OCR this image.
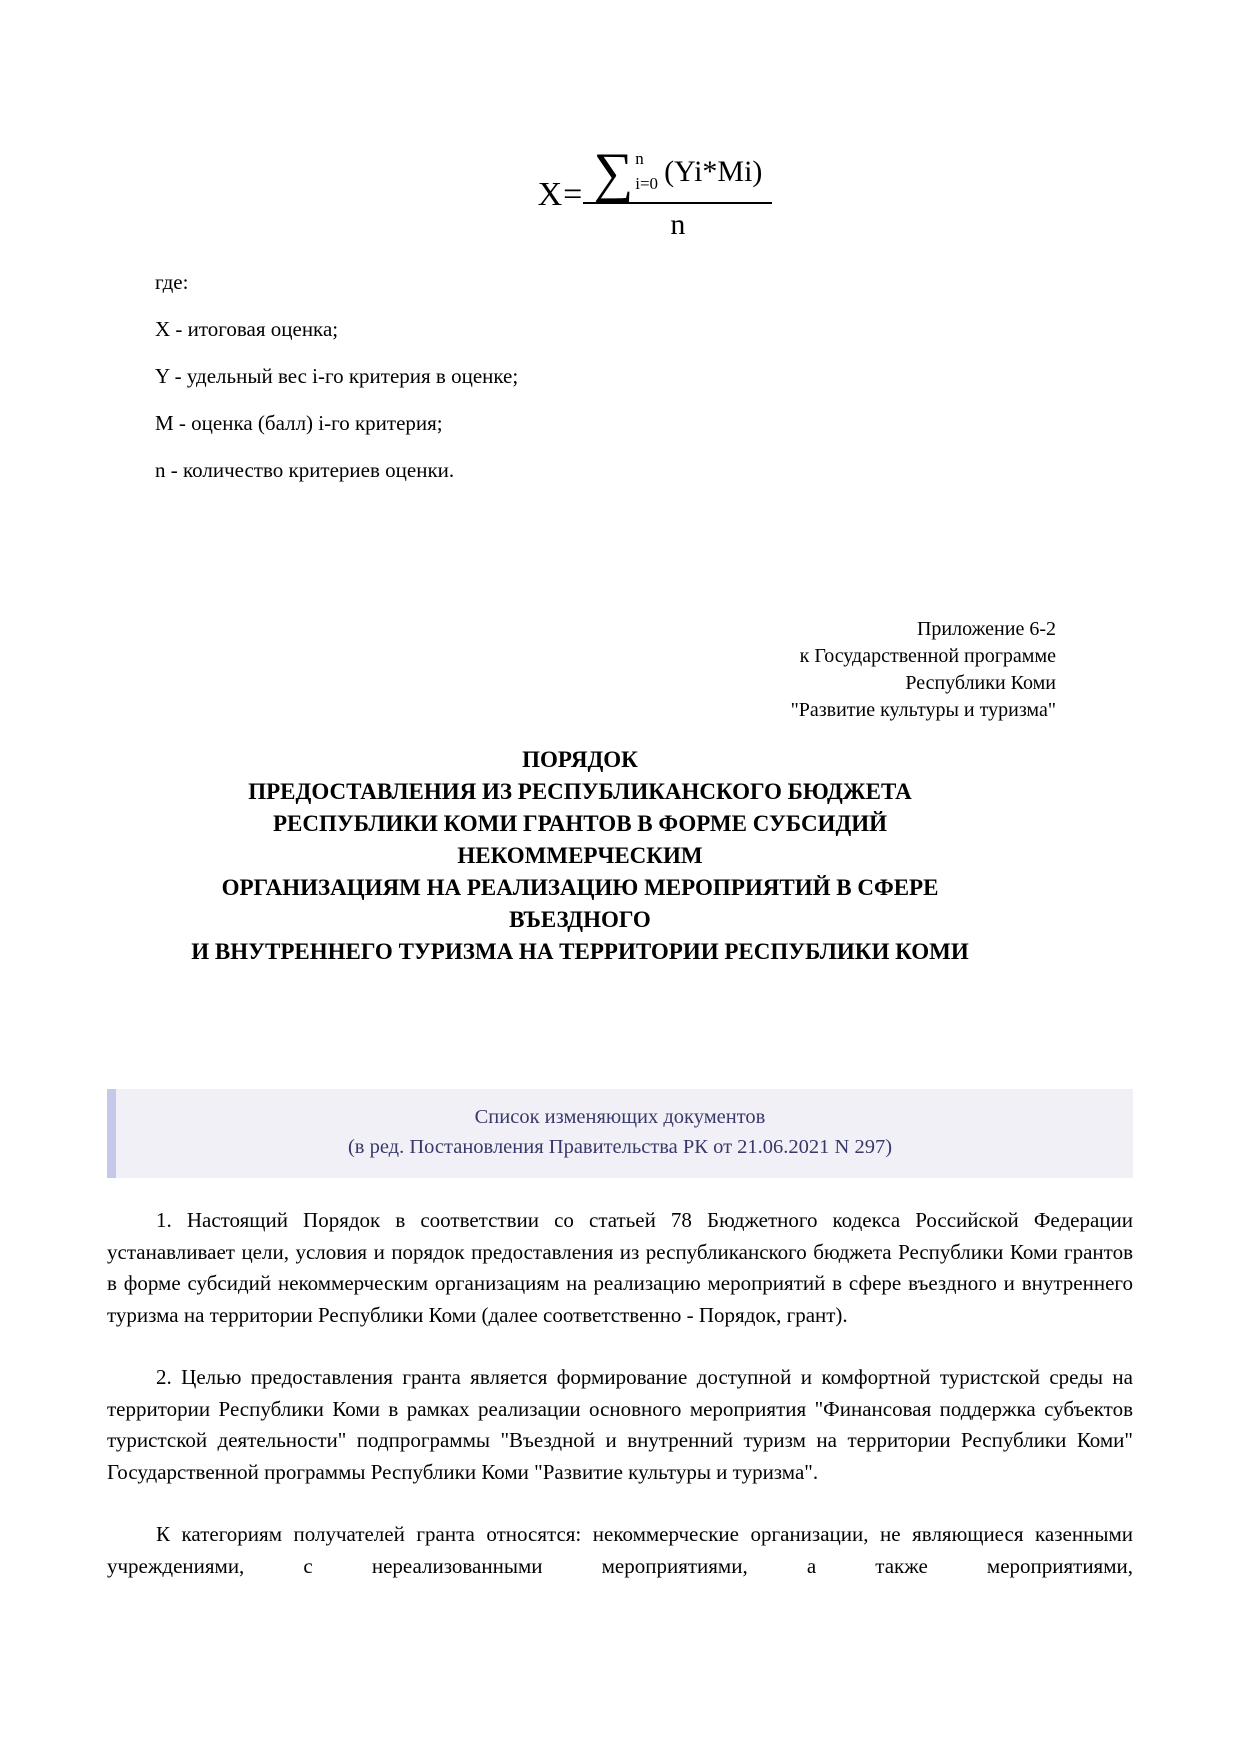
X= ∑ n
i=0 (Yi*Mi)
n

где:

X - итоговая оценка;

Y - удельный вес i-го критерия в оценке;

M - оценка (балл) i-го критерия;

n - количество критериев оценки.

Приложение 6-2
к Государственной программе
Республики Коми
"Развитие культуры и туризма"
ПОРЯДОК
ПРЕДОСТАВЛЕНИЯ ИЗ РЕСПУБЛИКАНСКОГО БЮДЖЕТА
РЕСПУБЛИКИ КОМИ ГРАНТОВ В ФОРМЕ СУБСИДИЙ
НЕКОММЕРЧЕСКИМ
ОРГАНИЗАЦИЯМ НА РЕАЛИЗАЦИЮ МЕРОПРИЯТИЙ В СФЕРЕ
ВЪЕЗДНОГО
И ВНУТРЕННЕГО ТУРИЗМА НА ТЕРРИТОРИИ РЕСПУБЛИКИ КОМИ
Список изменяющих документов
(в ред. Постановления Правительства РК от 21.06.2021 N 297)

1. Настоящий Порядок в соответствии со статьей 78 Бюджетного кодекса Российской Федерации устанавливает цели, условия и порядок предоставления из республиканского бюджета Республики Коми грантов в форме субсидий некоммерческим организациям на реализацию мероприятий в сфере въездного и внутреннего туризма на территории Республики Коми (далее соответственно - Порядок, грант).

2. Целью предоставления гранта является формирование доступной и комфортной туристской среды на территории Республики Коми в рамках реализации основного мероприятия "Финансовая поддержка субъектов туристской деятельности" подпрограммы "Въездной и внутренний туризм на территории Республики Коми" Государственной программы Республики Коми "Развитие культуры и туризма".

К категориям получателей гранта относятся: некоммерческие организации, не являющиеся казенными учреждениями, с нереализованными мероприятиями, а также мероприятиями,
